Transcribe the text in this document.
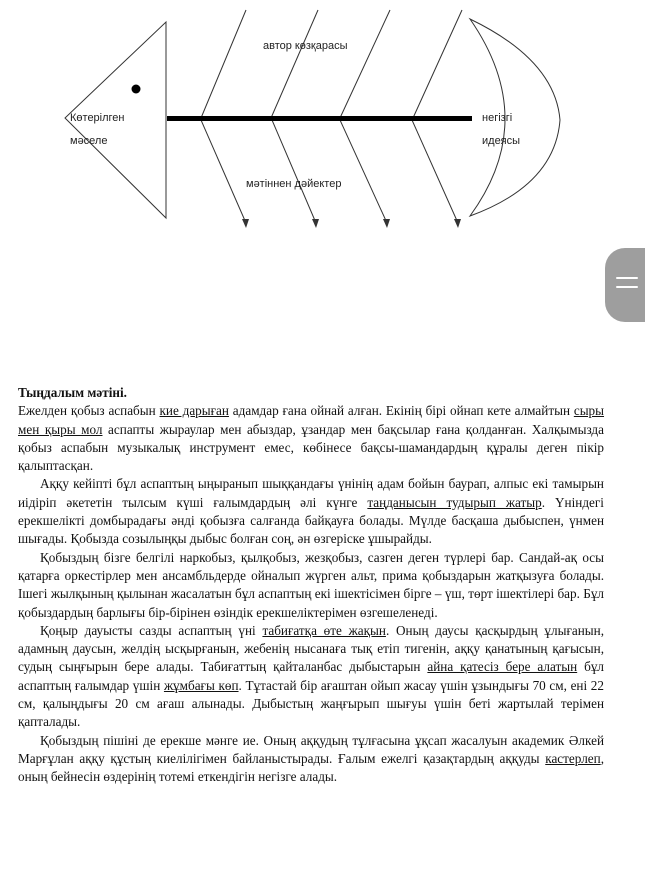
Көтерілген
мәселе
автор көзқарасы
мәтіннен дәйектер
негізгі
идеясы
Тыңдалым мәтіні.

Ежелден қобыз аспабын кие дарыған адамдар ғана ойнай алған. Екінің бірі ойнап кете алмайтын сыры мен қыры мол аспапты жыраулар мен абыздар, ұзандар мен бақсылар ғана қолданған. Халқымызда қобыз аспабын музыкалық инструмент емес, көбінесе бақсы-шамандардың құралы деген пікір қалыптасқан.

Аққу кейіпті бұл аспаптың ыңыранып шыққандағы үнінің адам бойын баурап, алпыс екі тамырын иідіріп әкететін тылсым күші ғалымдардың әлі күнге таңданысын тудырып жатыр. Үніндегі ерекшелікті домбырадағы әнді қобызға салғанда байқауға болады. Мүлде басқаша дыбыспен, үнмен шығады. Қобызда созылыңқы дыбыс болған соң, ән өзгеріске ұшырайды.

Қобыздың бізге белгілі наркобыз, қылқобыз, жезқобыз, сазген деген түрлері бар. Сандай-ақ осы қатарға оркестірлер мен ансамбльдерде ойналып жүрген альт, прима қобыздарын жатқызуға болады. Ішегі жылқының қылынан жасалатын бұл аспаптың екі ішектісімен бірге – үш, төрт ішектілері бар. Бұл қобыздардың барлығы бір-бірінен өзіндік ерекшеліктерімен өзгешеленеді.

Қоңыр дауысты сазды аспаптың үні табиғатқа өте жақын. Оның даусы қасқырдың ұлығанын, адамның даусын, желдің ысқырғанын, жебенің нысанаға тық етіп тигенін, аққу қанатының қағысын, судың сыңғырын бере алады. Табиғаттың қайталанбас дыбыстарын айна қатесіз бере алатын бұл аспаптың ғалымдар үшін жұмбағы көп. Тұтастай бір ағаштан ойып жасау үшін ұзындығы 70 см, ені 22 см, қалыңдығы 20 см ағаш алынады. Дыбыстың жаңғырып шығуы үшін беті жартылай терімен қапталады.

Қобыздың пішіні де ерекше мәнге ие. Оның аққудың тұлғасына ұқсап жасалуын академик Әлкей Марғұлан аққу құстың киелілігімен байланыстырады. Ғалым ежелгі қазақтардың аққуды кастерлеп, оның бейнесін өздерінің тотемі еткендігін негізге алады.
